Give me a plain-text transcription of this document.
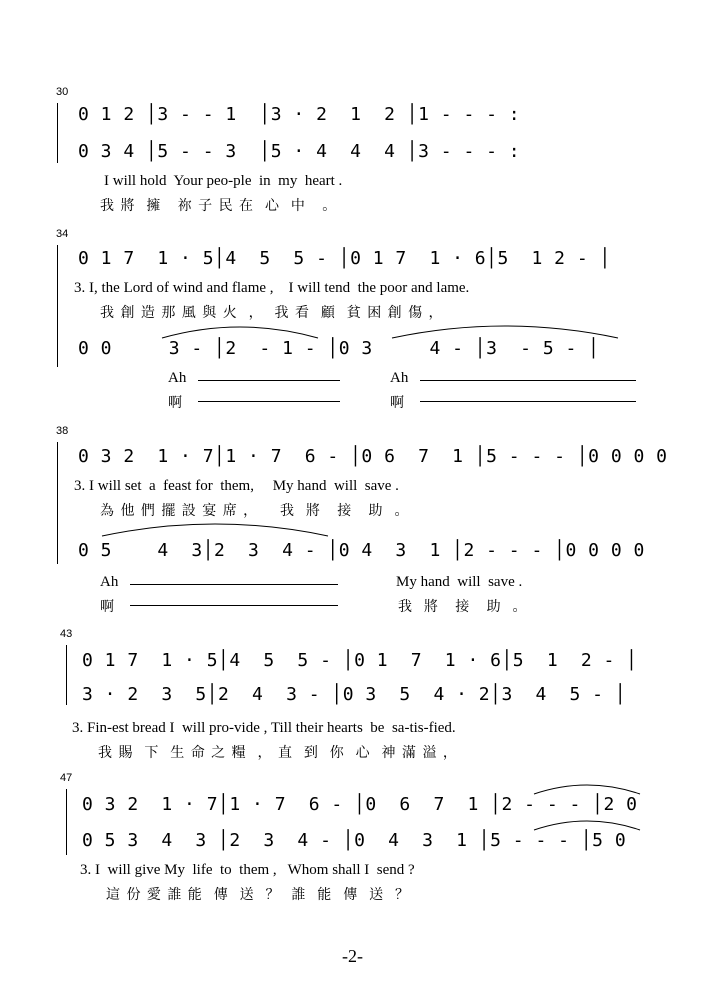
30
0 1 2 │3 - - 1  │3 · 2  1  2 │1 - - - :
0 3 4 │5 - - 3  │5 · 4  4  4 │3 - - - :
I will hold  Your peo-ple  in  my  heart .
我 將  擁   祢 子 民 在  心  中   。
34
0 1 7  1 · 5│4  5  5 - │0 1 7  1 · 6│5  1 2 - │
3. I, the Lord of wind and flame ,    I will tend  the poor and lame.
我 創 造 那 風 與 火  ，  我 看  顧  貧 困 創 傷 ，
0 0     3 - │2  - 1 - │0 3     4 - │3  - 5 - │
Ah
啊
Ah
啊
38
0 3 2  1 · 7│1 · 7  6 - │0 6  7  1 │5 - - - │0 0 0 0
3. I will set  a  feast for  them,     My hand  will  save .
為 他 們 擺 設 宴 席 ，    我  將   接   助  。
0 5    4  3│2  3  4 - │0 4  3  1 │2 - - - │0 0 0 0
Ah
啊
My hand  will  save .
我  將   接   助  。
43
0 1 7  1 · 5│4  5  5 - │0 1  7  1 · 6│5  1  2 - │
3 · 2  3  5│2  4  3 - │0 3  5  4 · 2│3  4  5 - │
3. Fin-est bread I  will pro-vide , Till their hearts  be  sa-tis-fied.
我 賜  下  生 命 之 糧  ， 直  到  你  心  神 滿 溢 ，
47
0 3 2  1 · 7│1 · 7  6 - │0  6  7  1 │2 - - - │2 0
0 5 3  4  3 │2  3  4 - │0  4  3  1 │5 - - - │5 0
3. I  will give My  life  to  them ,   Whom shall I  send ?
這 份 愛 誰 能  傳  送  ？  誰  能  傳  送  ？
-2-
